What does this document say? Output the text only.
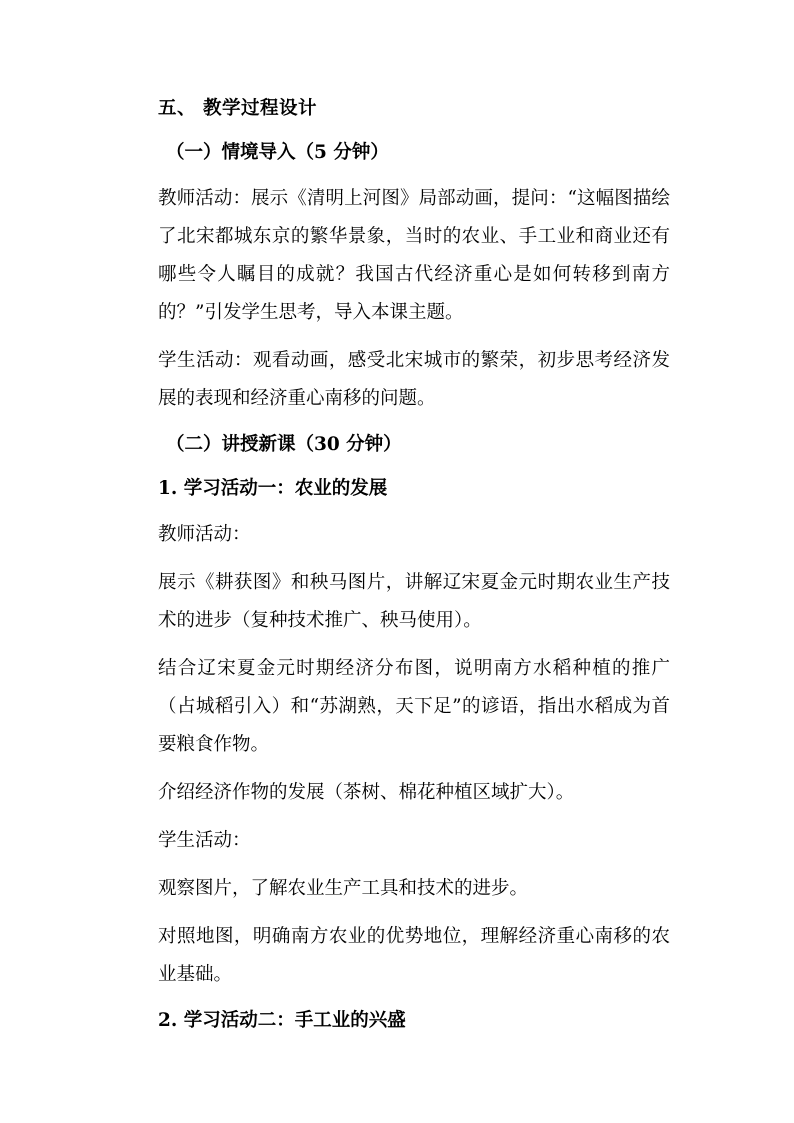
五、 教学过程设计
（一）情境导入（5 分钟）

教师活动：展示《清明上河图》局部动画，提问：“这幅图描绘了北宋都城东京的繁华景象，当时的农业、手工业和商业还有哪些令人瞩目的成就？我国古代经济重心是如何转移到南方的？”引发学生思考，导入本课主题。

学生活动：观看动画，感受北宋城市的繁荣，初步思考经济发展的表现和经济重心南移的问题。

（二）讲授新课（30 分钟）
1. 学习活动一：农业的发展

教师活动：

展示《耕获图》和秧马图片，讲解辽宋夏金元时期农业生产技术的进步（复种技术推广、秧马使用）。

结合辽宋夏金元时期经济分布图，说明南方水稻种植的推广（占城稻引入）和“苏湖熟，天下足”的谚语，指出水稻成为首要粮食作物。

介绍经济作物的发展（茶树、棉花种植区域扩大）。

学生活动：

观察图片，了解农业生产工具和技术的进步。

对照地图，明确南方农业的优势地位，理解经济重心南移的农业基础。

2. 学习活动二：手工业的兴盛
